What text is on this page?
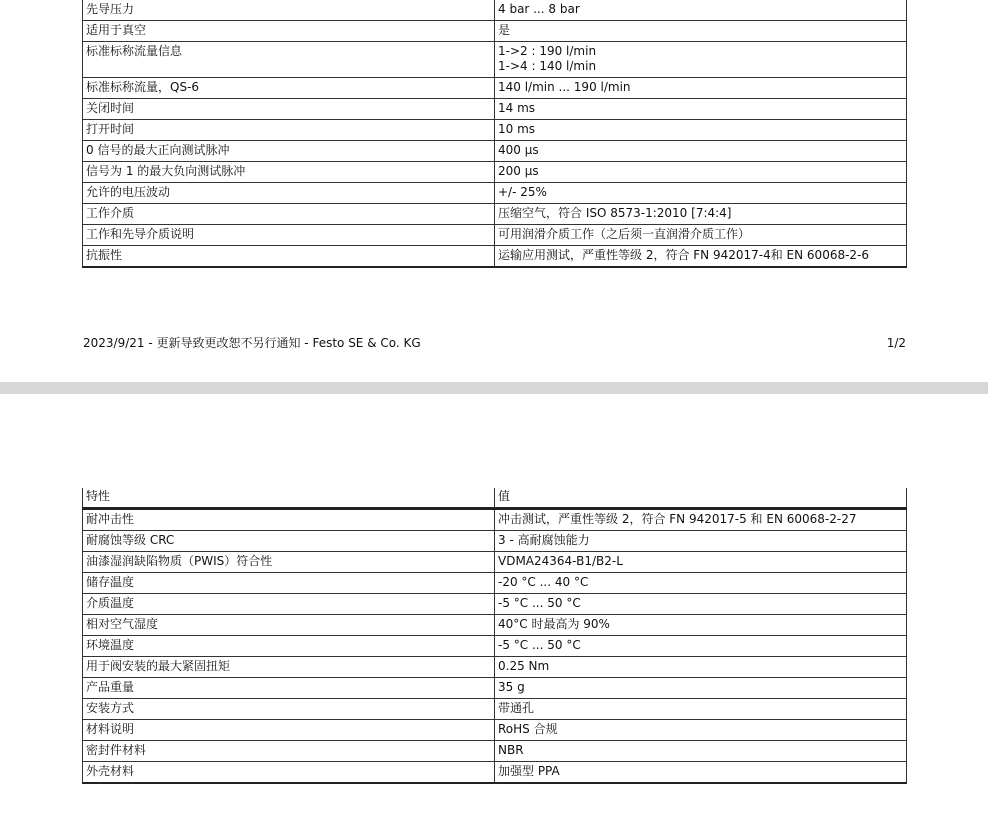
先导压力	4 bar ... 8 bar
适用于真空	是
标准标称流量信息	1->2 : 190 l/min
1->4 : 140 l/min

标准标称流量，QS-6	140 l/min ... 190 l/min
关闭时间	14 ms
打开时间	10 ms
0 信号的最大正向测试脉冲	400 μs
信号为 1 的最大负向测试脉冲	200 μs
允许的电压波动	+/- 25%
工作介质	压缩空气，符合 ISO 8573-1:2010 [7:4:4]
工作和先导介质说明	可用润滑介质工作（之后须一直润滑介质工作）
抗振性	运输应用测试，严重性等级 2，符合 FN 942017-4和 EN 60068-2-6
2023/9/21 - 更新导致更改恕不另行通知 - Festo SE & Co. KG	1/2
特性	值
耐冲击性	冲击测试，严重性等级 2，符合 FN 942017-5 和 EN 60068-2-27
耐腐蚀等级 CRC	3 - 高耐腐蚀能力
油漆湿润缺陷物质（PWIS）符合性	VDMA24364-B1/B2-L
储存温度	-20 °C ... 40 °C
介质温度	-5 °C ... 50 °C
相对空气湿度	40°C 时最高为 90%
环境温度	-5 °C ... 50 °C
用于阀安装的最大紧固扭矩	0.25 Nm
产品重量	35 g
安装方式	带通孔
材料说明	RoHS 合规
密封件材料	NBR
外壳材料	加强型 PPA
